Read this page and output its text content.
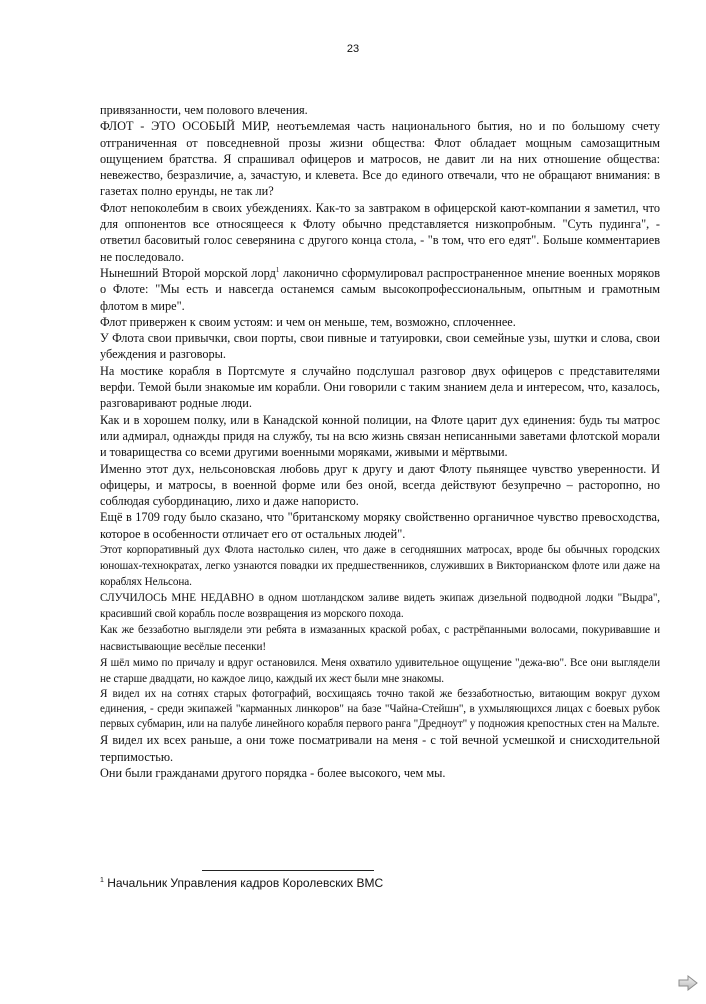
23

привязанности, чем полового влечения.

ФЛОТ - ЭТО ОСОБЫЙ МИР, неотъемлемая часть национального бытия, но и по большому счету отграниченная от повседневной прозы жизни общества: Флот обладает мощным самозащитным ощущением братства. Я спрашивал офицеров и матросов, не давит ли на них отношение общества: невежество, безразличие, а, зачастую, и клевета. Все до единого отвечали, что не обращают внимания: в газетах полно ерунды, не так ли?

Флот непоколебим в своих убеждениях. Как-то за завтраком в офицерской кают-компании я заметил, что для оппонентов все относящееся к Флоту обычно представляется низкопробным. "Суть пудинга", - ответил басовитый голос северянина с другого конца стола, - "в том, что его едят". Больше комментариев не последовало.

Нынешний Второй морской лорд$^1$ лаконично сформулировал распространенное мнение военных моряков о Флоте: "Мы есть и навсегда останемся самым высокопрофессиональным, опытным и грамотным флотом в мире".

Флот привержен к своим устоям: и чем он меньше, тем, возможно, сплоченнее.

У Флота свои привычки, свои порты, свои пивные и татуировки, свои семейные узы, шутки и слова, свои убеждения и разговоры.

На мостике корабля в Портсмуте я случайно подслушал разговор двух офицеров с представителями верфи. Темой были знакомые им корабли. Они говорили с таким знанием дела и интересом, что, казалось, разговаривают родные люди.

Как и в хорошем полку, или в Канадской конной полиции, на Флоте царит дух единения: будь ты матрос или адмирал, однажды придя на службу, ты на всю жизнь связан неписанными заветами флотской морали и товарищества со всеми другими военными моряками, живыми и мёртвыми.

Именно этот дух, нельсоновская любовь друг к другу и дают Флоту пьянящее чувство уверенности. И офицеры, и матросы, в военной форме или без оной, всегда действуют безупречно – расторопно, но соблюдая субординацию, лихо и даже напористо.

Ещё в 1709 году было сказано, что "британскому моряку свойственно органичное чувство превосходства, которое в особенности отличает его от остальных людей".

Этот корпоративный дух Флота настолько силен, что даже в сегодняшних матросах, вроде бы обычных городских юношах-технократах, легко узнаются повадки их предшественников, служивших в Викторианском флоте или даже на кораблях Нельсона.

СЛУЧИЛОСЬ МНЕ НЕДАВНО в одном шотландском заливе видеть экипаж дизельной подводной лодки "Выдра", красивший свой корабль после возвращения из морского похода.

Как же беззаботно выглядели эти ребята в измазанных краской робах, с растрёпанными волосами, покуривавшие и насвистывающие весёлые песенки!

Я шёл мимо по причалу и вдруг остановился. Меня охватило удивительное ощущение "дежа-вю". Все они выглядели не старше двадцати, но каждое лицо, каждый их жест были мне знакомы.

Я видел их на сотнях старых фотографий, восхищаясь точно такой же беззаботностью, витающим вокруг духом единения, - среди экипажей "карманных линкоров" на базе "Чайна-Стейшн", в ухмыляющихся лицах с боевых рубок первых субмарин, или на палубе линейного корабля первого ранга "Дредноут" у подножия крепостных стен на Мальте.

Я видел их всех раньше, а они тоже посматривали на меня - с той вечной усмешкой и снисходительной терпимостью.

Они были гражданами другого порядка - более высокого, чем мы.

$^1$ Начальник Управления кадров Королевских ВМС
